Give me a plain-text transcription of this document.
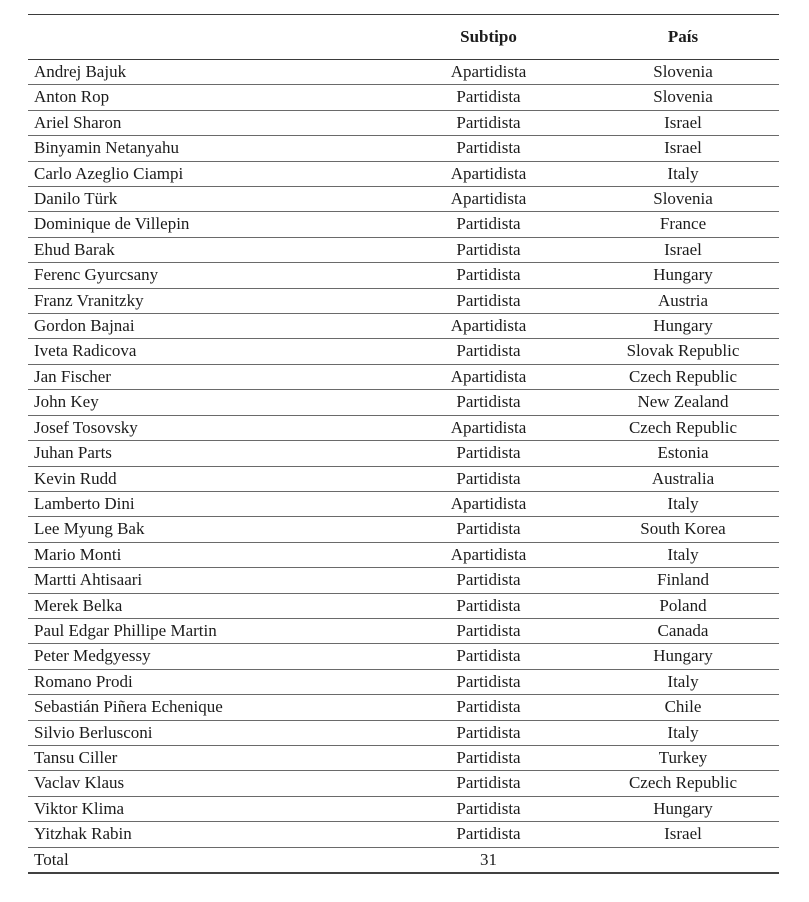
	Subtipo	País
Andrej Bajuk	Apartidista	Slovenia
Anton Rop	Partidista	Slovenia
Ariel Sharon	Partidista	Israel
Binyamin Netanyahu	Partidista	Israel
Carlo Azeglio Ciampi	Apartidista	Italy
Danilo Türk	Apartidista	Slovenia
Dominique de Villepin	Partidista	France
Ehud Barak	Partidista	Israel
Ferenc Gyurcsany	Partidista	Hungary
Franz Vranitzky	Partidista	Austria
Gordon Bajnai	Apartidista	Hungary
Iveta Radicova	Partidista	Slovak Republic
Jan Fischer	Apartidista	Czech Republic
John Key	Partidista	New Zealand
Josef Tosovsky	Apartidista	Czech Republic
Juhan Parts	Partidista	Estonia
Kevin Rudd	Partidista	Australia
Lamberto Dini	Apartidista	Italy
Lee Myung Bak	Partidista	South Korea
Mario Monti	Apartidista	Italy
Martti Ahtisaari	Partidista	Finland
Merek Belka	Partidista	Poland
Paul Edgar Phillipe Martin	Partidista	Canada
Peter Medgyessy	Partidista	Hungary
Romano Prodi	Partidista	Italy
Sebastián Piñera Echenique	Partidista	Chile
Silvio Berlusconi	Partidista	Italy
Tansu Ciller	Partidista	Turkey
Vaclav Klaus	Partidista	Czech Republic
Viktor Klima	Partidista	Hungary
Yitzhak Rabin	Partidista	Israel
Total	31	
